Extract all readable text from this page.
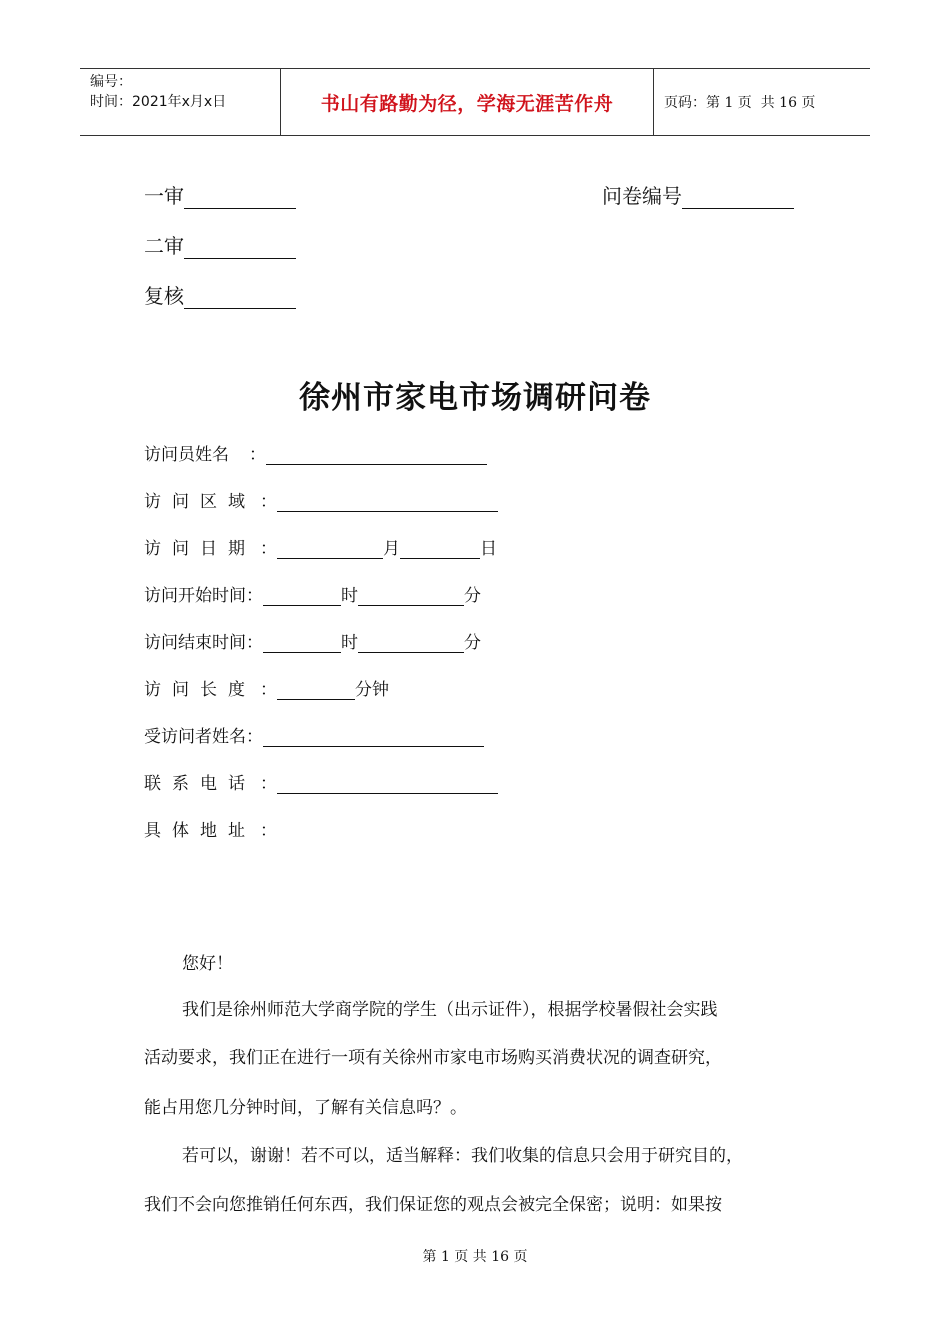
编号：
时间：2021年x月x日	书山有路勤为径，学海无涯苦作舟	页码：第 1 页  共 16 页
一审	问卷编号
二审
复核
徐州市家电市场调研问卷
访问员姓名 ：
访问区域 ：
访问日期 ：	月	日
访问开始时间：	时	分
访问结束时间：	时	分
访问长度 ：	分钟
受访问者姓名：
联系电话 ：
具体地址 ：
您好！
我们是徐州师范大学商学院的学生（出示证件），根据学校暑假社会实践
活动要求，我们正在进行一项有关徐州市家电市场购买消费状况的调查研究，
能占用您几分钟时间，了解有关信息吗？。
若可以，谢谢！若不可以，适当解释：我们收集的信息只会用于研究目的，
我们不会向您推销任何东西，我们保证您的观点会被完全保密；说明：如果按
第 1 页 共 16 页
